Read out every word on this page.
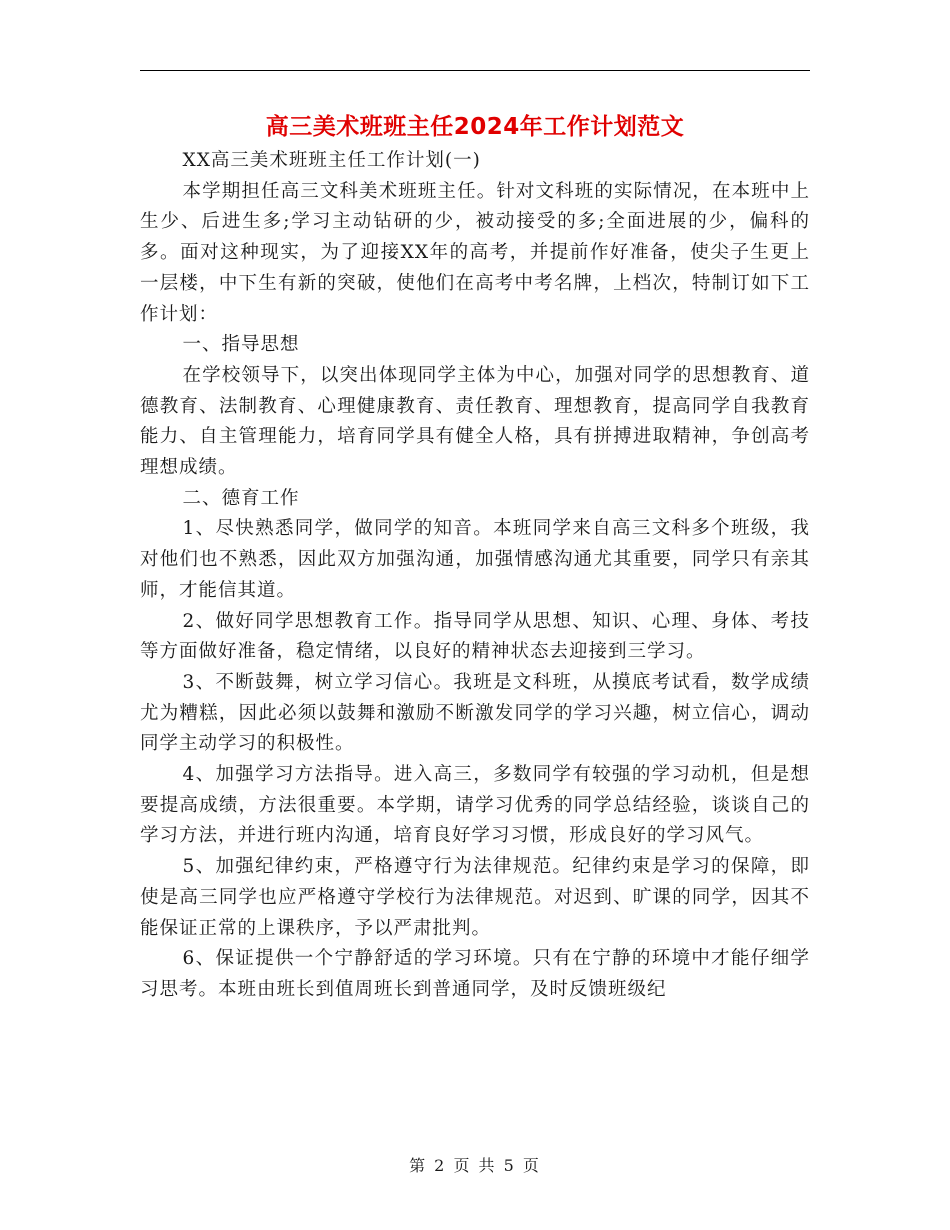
高三美术班班主任2024年工作计划范文

XX高三美术班班主任工作计划(一)

本学期担任高三文科美术班班主任。针对文科班的实际情况，在本班中上生少、后进生多;学习主动钻研的少，被动接受的多;全面进展的少，偏科的多。面对这种现实，为了迎接XX年的高考，并提前作好准备，使尖子生更上一层楼，中下生有新的突破，使他们在高考中考名牌，上档次，特制订如下工作计划：

一、指导思想

在学校领导下，以突出体现同学主体为中心，加强对同学的思想教育、道德教育、法制教育、心理健康教育、责任教育、理想教育，提高同学自我教育能力、自主管理能力，培育同学具有健全人格，具有拼搏进取精神，争创高考理想成绩。

二、德育工作

1、尽快熟悉同学，做同学的知音。本班同学来自高三文科多个班级，我对他们也不熟悉，因此双方加强沟通，加强情感沟通尤其重要，同学只有亲其师，才能信其道。

2、做好同学思想教育工作。指导同学从思想、知识、心理、身体、考技等方面做好准备，稳定情绪，以良好的精神状态去迎接到三学习。

3、不断鼓舞，树立学习信心。我班是文科班，从摸底考试看，数学成绩尤为糟糕，因此必须以鼓舞和激励不断激发同学的学习兴趣，树立信心，调动同学主动学习的积极性。

4、加强学习方法指导。进入高三，多数同学有较强的学习动机，但是想要提高成绩，方法很重要。本学期，请学习优秀的同学总结经验，谈谈自己的学习方法，并进行班内沟通，培育良好学习习惯，形成良好的学习风气。

5、加强纪律约束，严格遵守行为法律规范。纪律约束是学习的保障，即使是高三同学也应严格遵守学校行为法律规范。对迟到、旷课的同学，因其不能保证正常的上课秩序，予以严肃批判。

6、保证提供一个宁静舒适的学习环境。只有在宁静的环境中才能仔细学习思考。本班由班长到值周班长到普通同学，及时反馈班级纪

第 2 页 共 5 页
